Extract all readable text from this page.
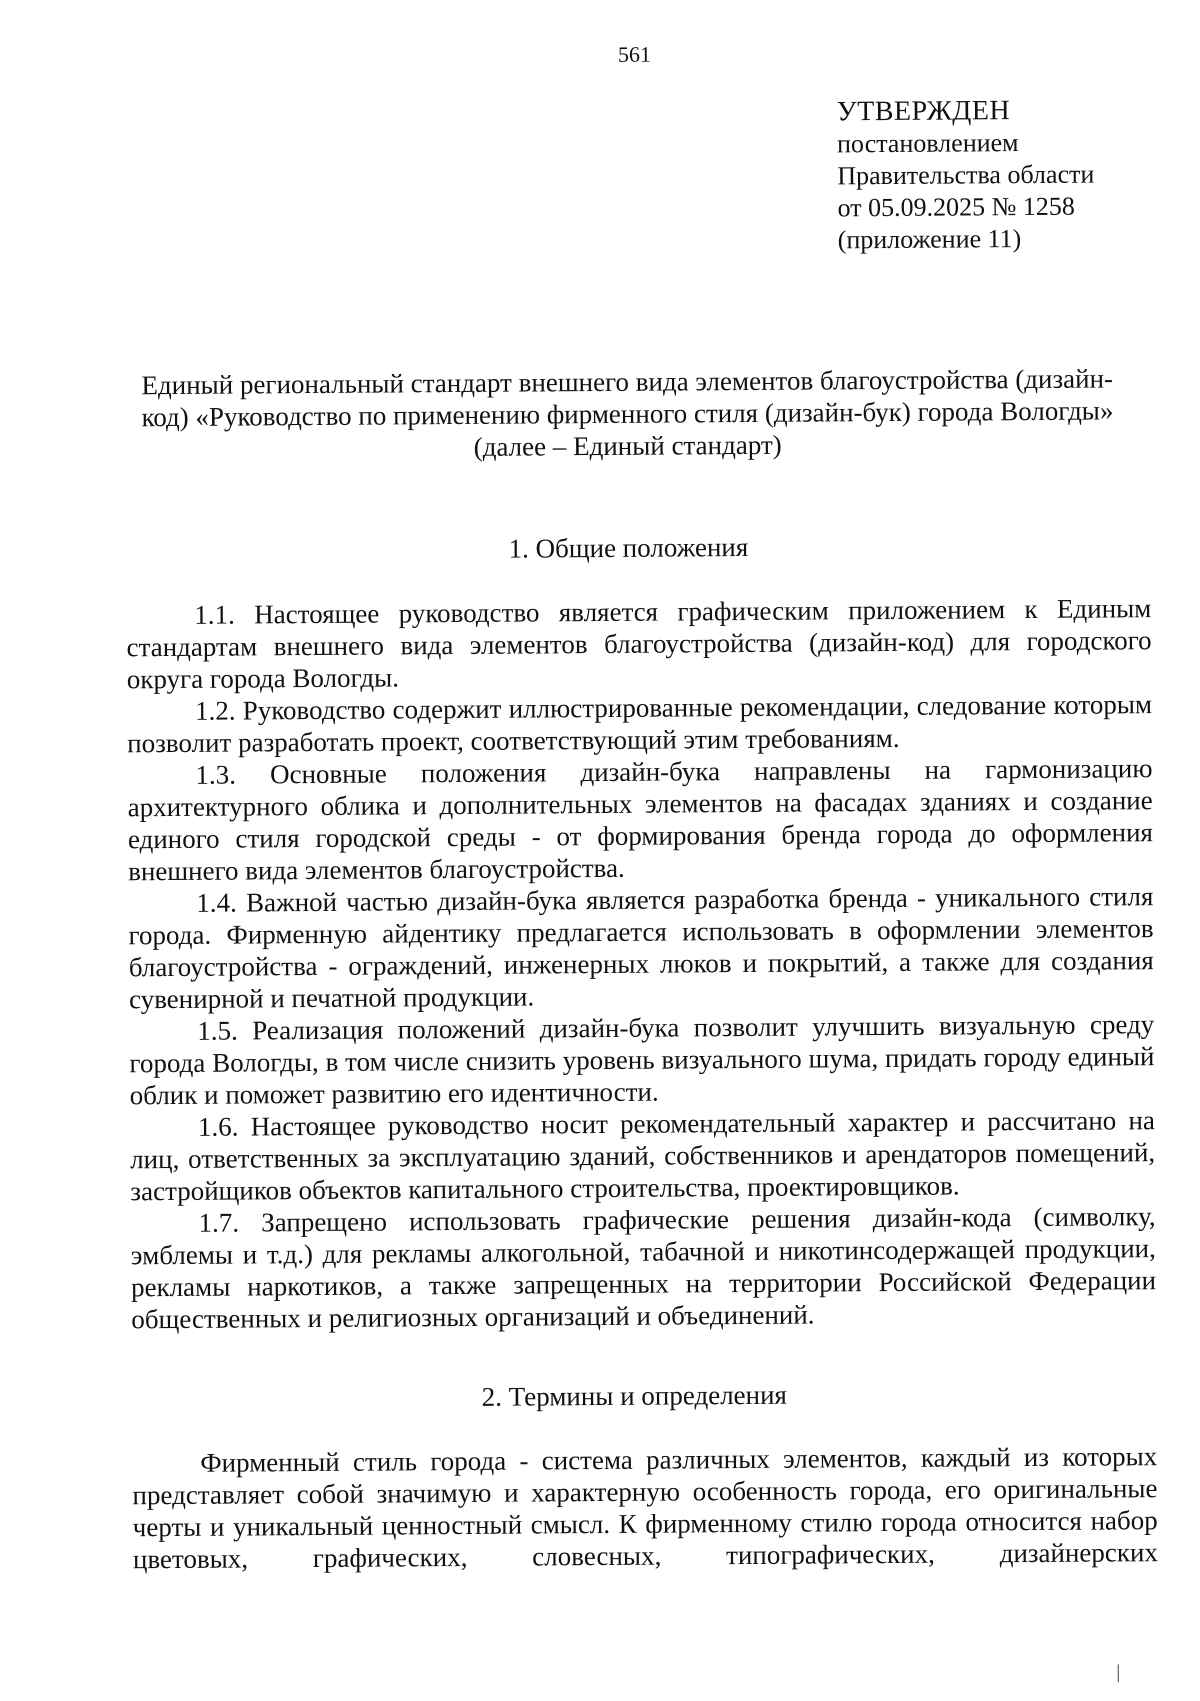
561
УТВЕРЖДЕН
постановлением
Правительства области
от 05.09.2025 № 1258
(приложение 11)
Единый региональный стандарт внешнего вида элементов благоустройства (дизайн-
код) «Руководство по применению фирменного стиля (дизайн-бук) города Вологды»
(далее – Единый стандарт)
1. Общие положения

1.1. Настоящее руководство является графическим приложением к Единым стандартам внешнего вида элементов благоустройства (дизайн-код) для городского округа города Вологды.

1.2. Руководство содержит иллюстрированные рекомендации, следование которым позволит разработать проект, соответствующий этим требованиям.

1.3. Основные положения дизайн-бука направлены на гармонизацию архитектурного облика и дополнительных элементов на фасадах зданиях и создание единого стиля городской среды - от формирования бренда города до оформления внешнего вида элементов благоустройства.

1.4. Важной частью дизайн-бука является разработка бренда - уникального стиля города. Фирменную айдентику предлагается использовать в оформлении элементов благоустройства - ограждений, инженерных люков и покрытий, а также для создания сувенирной и печатной продукции.

1.5. Реализация положений дизайн-бука позволит улучшить визуальную среду города Вологды, в том числе снизить уровень визуального шума, придать городу единый облик и поможет развитию его идентичности.

1.6. Настоящее руководство носит рекомендательный характер и рассчитано на лиц, ответственных за эксплуатацию зданий, собственников и арендаторов помещений, застройщиков объектов капитального строительства, проектировщиков.

1.7. Запрещено использовать графические решения дизайн-кода (символку, эмблемы и т.д.) для рекламы алкогольной, табачной и никотинсодержащей продукции, рекламы наркотиков, а также запрещенных на территории Российской Федерации общественных и религиозных организаций и объединений.

2. Термины и определения

Фирменный стиль города - система различных элементов, каждый из которых представляет собой значимую и характерную особенность города, его оригинальные черты и уникальный ценностный смысл. К фирменному стилю города относится набор цветовых, графических, словесных, типографических, дизайнерских
